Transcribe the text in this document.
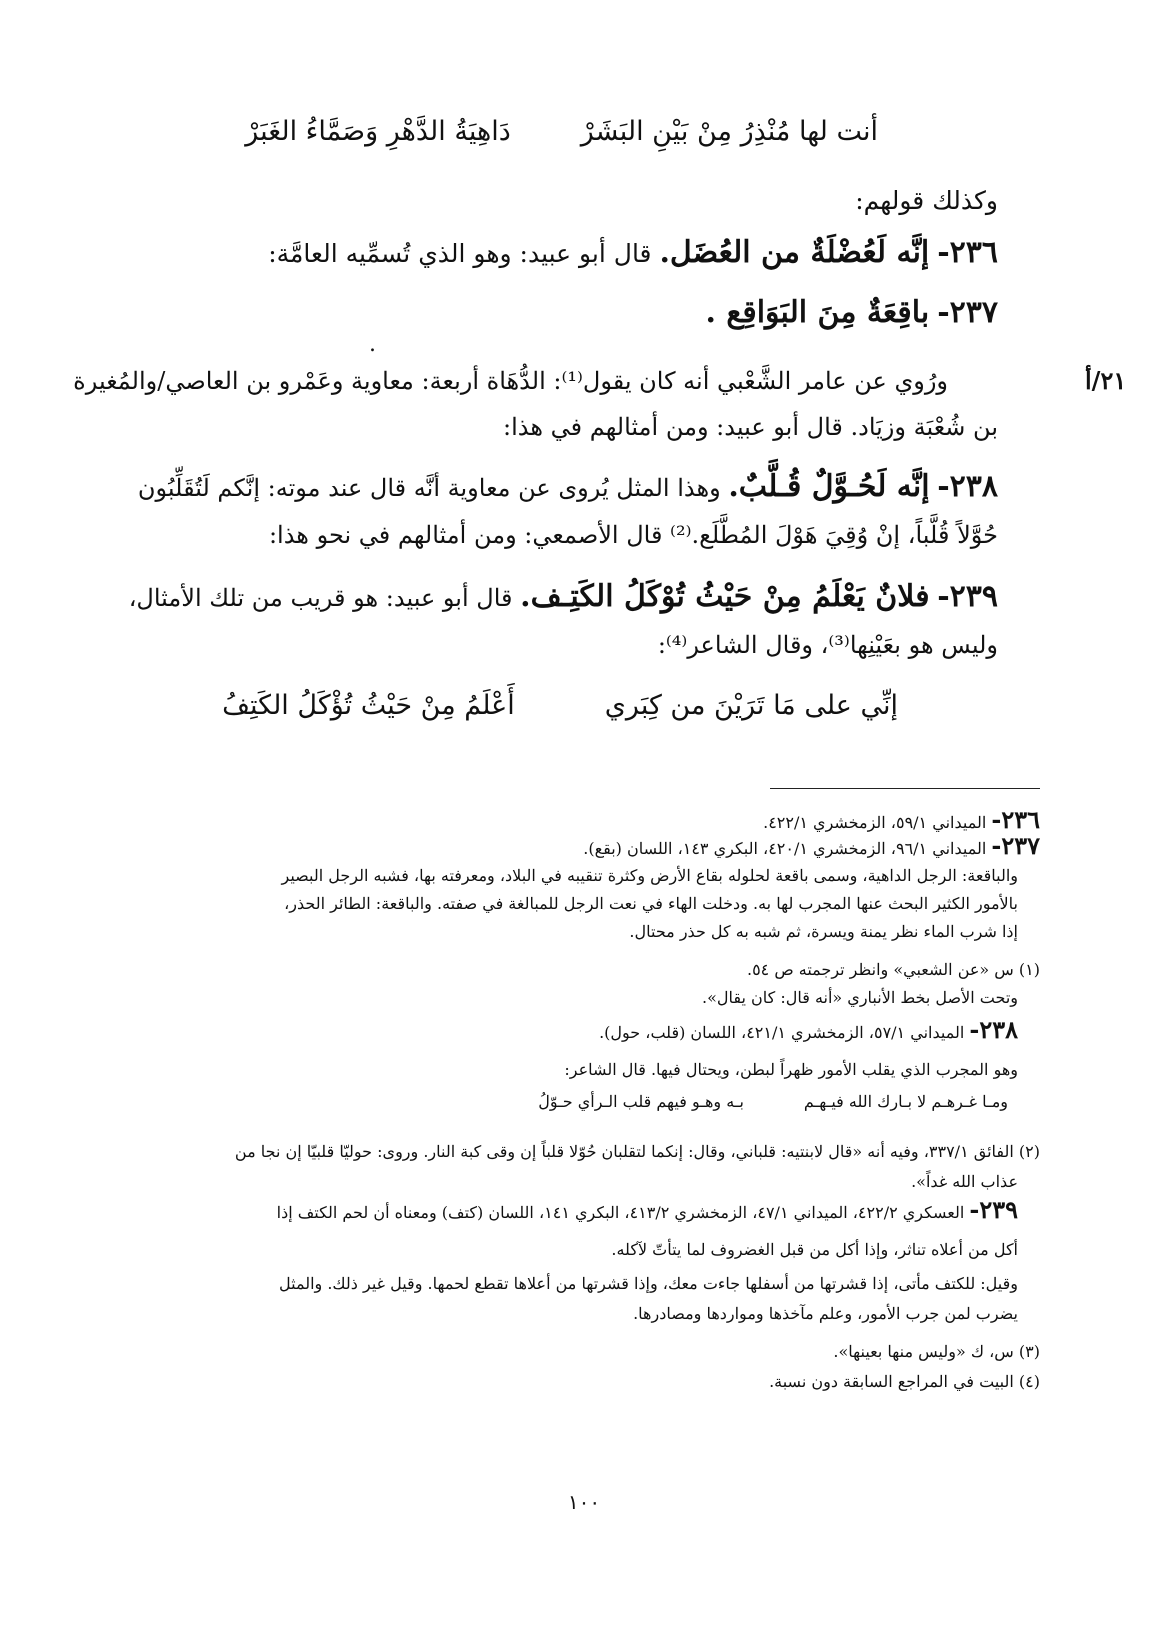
أنت لها مُنْذِرُ مِنْ بَيْنِ البَشَرْ
دَاهِيَةُ الدَّهْرِ وَصَمَّاءُ الغَبَرْ
وكذلك قولهم:
٢٣٦- إنَّه لَعُضْلَةٌ من العُضَل. قال أبو عبيد: وهو الذي تُسمِّيه العامَّة:
٢٣٧- باقِعَةٌ مِنَ البَوَاقِع .
.
٢١/أ
ورُوي عن عامر الشَّعْبي أنه كان يقول⁽¹⁾: الدُّهَاة أربعة: معاوية وعَمْرو بن العاصي/والمُغيرة
بن شُعْبَة وزيَاد. قال أبو عبيد: ومن أمثالهم في هذا:
٢٣٨- إنَّه لَحُـوَّلٌ قُـلَّبٌ. وهذا المثل يُروى عن معاوية أنَّه قال عند موته: إنَّكم لَتُقَلِّبُون
حُوَّلاً قُلَّباً، إنْ وُقِيَ هَوْلَ المُطَّلَع.⁽²⁾ قال الأصمعي: ومن أمثالهم في نحو هذا:
٢٣٩- فلانٌ يَعْلَمُ مِنْ حَيْثُ تُوْكَلُ الكَتِـف. قال أبو عبيد: هو قريب من تلك الأمثال،
وليس هو بعَيْنِها⁽³⁾، وقال الشاعر⁽⁴⁾:
إنِّي على مَا تَرَيْنَ من كِبَري
أَعْلَمُ مِنْ حَيْثُ تُؤْكَلُ الكَتِفُ
٢٣٦- الميداني ٥٩/١، الزمخشري ٤٢٢/١.
٢٣٧- الميداني ٩٦/١، الزمخشري ٤٢٠/١، البكري ١٤٣، اللسان (بقع).
والباقعة: الرجل الداهية، وسمى باقعة لحلوله بقاع الأرض وكثرة تنقيبه في البلاد، ومعرفته بها، فشبه الرجل البصير
بالأمور الكثير البحث عنها المجرب لها به. ودخلت الهاء في نعت الرجل للمبالغة في صفته. والباقعة: الطائر الحذر،
إذا شرب الماء نظر يمنة ويسرة، ثم شبه به كل حذر محتال.
(١) س «عن الشعبي» وانظر ترجمته ص ٥٤.
وتحت الأصل بخط الأنباري «أنه قال: كان يقال».
٢٣٨- الميداني ٥٧/١، الزمخشري ٤٢١/١، اللسان (قلب، حول).
وهو المجرب الذي يقلب الأمور ظهراً لبطن، ويحتال فيها. قال الشاعر:
ومـا غـرهـم لا بـارك الله فيـهـم
بـه وهـو فيهم قلب الـرأي حـوّلُ
(٢) الفائق ٣٣٧/١، وفيه أنه «قال لابنتيه: قلباني، وقال: إنكما لتقلبان حُوّلا قلباً إن وقى كبة النار. وروى: حوليّا قلبيّا إن نجا من
عذاب الله غداً».
٢٣٩- العسكري ٤٢٢/٢، الميداني ٤٧/١، الزمخشري ٤١٣/٢، البكري ١٤١، اللسان (كتف) ومعناه أن لحم الكتف إذا
أكل من أعلاه تناثر، وإذا أكل من قبل الغضروف لما يتأتّ لآكله.
وقيل: للكتف مأتى، إذا قشرتها من أسفلها جاءت معك، وإذا قشرتها من أعلاها تقطع لحمها. وقيل غير ذلك. والمثل
يضرب لمن جرب الأمور، وعلم مآخذها ومواردها ومصادرها.
(٣) س، ك «وليس منها بعينها».
(٤) البيت في المراجع السابقة دون نسبة.
١٠٠
